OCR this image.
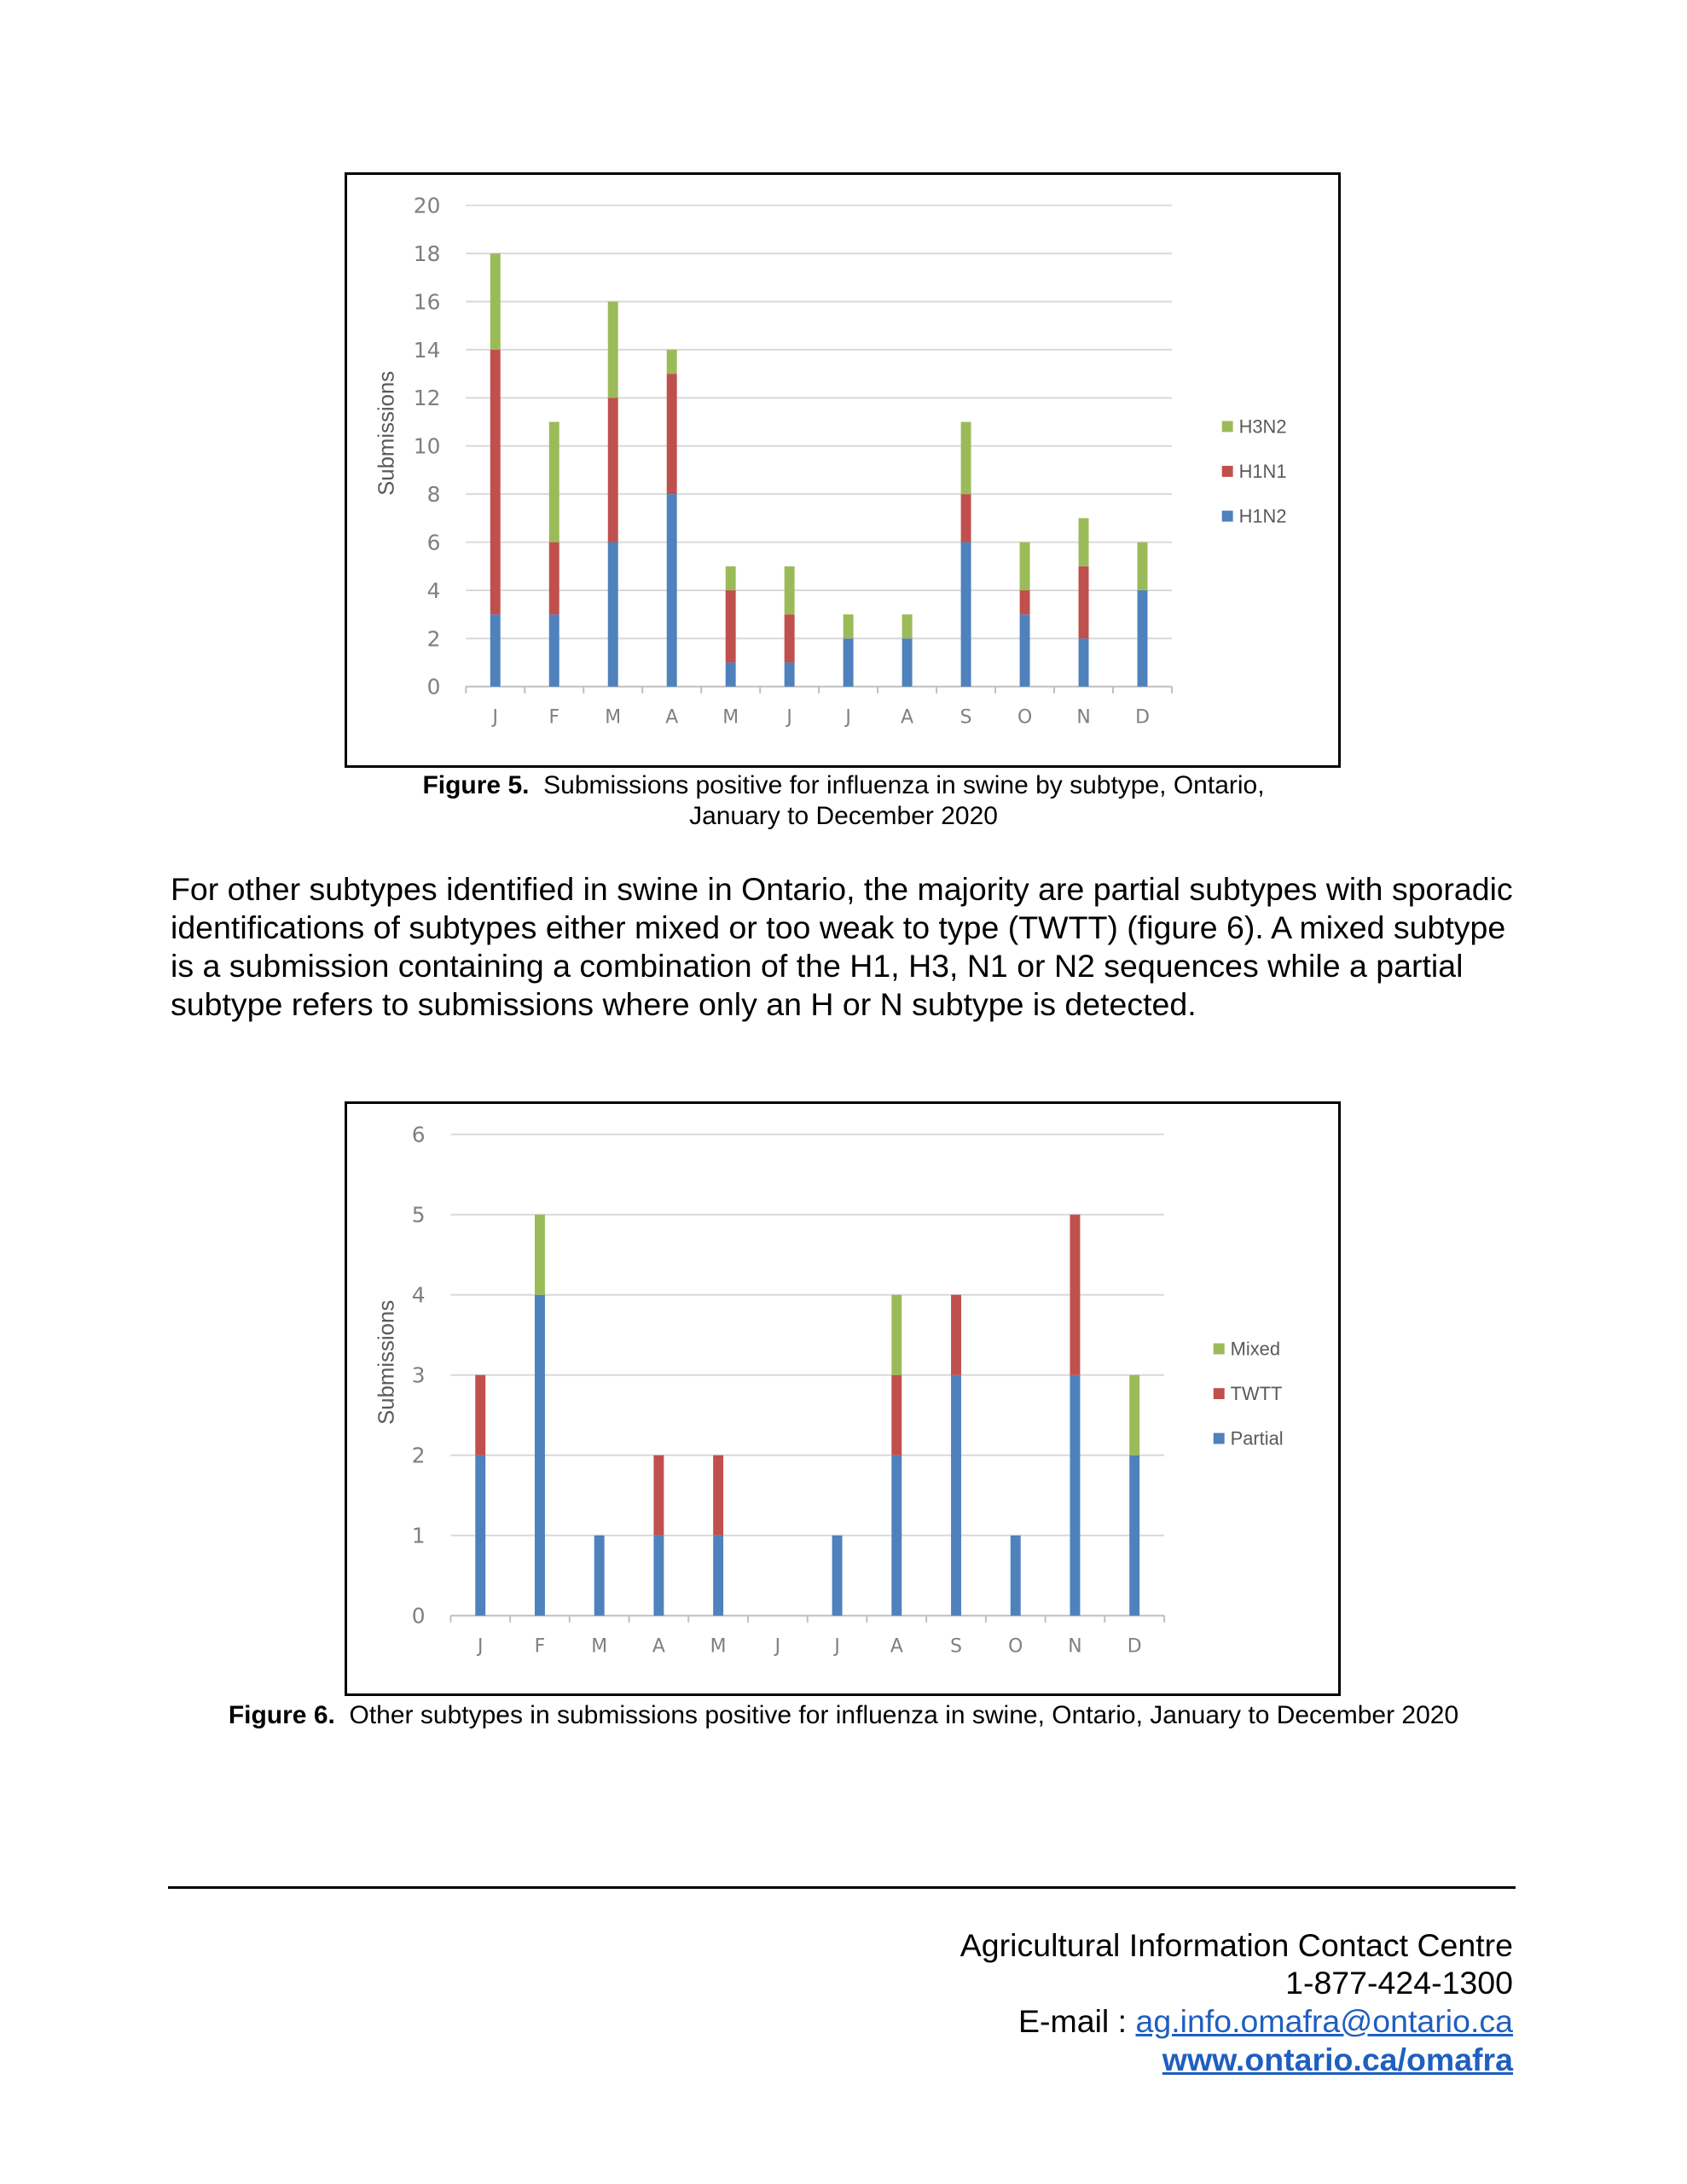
0
2
4
6
8
10
12
14
16
18
20
J	F M A M	J	J	A S O N D
Submissions	H3N2
H1N1
H1N2
Figure 5. Submissions positive for influenza in swine by subtype, Ontario,
January to December 2020
For other subtypes identified in swine in Ontario, the majority are partial subtypes with sporadic identifications of subtypes either mixed or too weak to type (TWTT) (figure 6). A mixed subtype is a submission containing a combination of the H1, H3, N1 or N2 sequences while a partial subtype refers to submissions where only an H or N subtype is detected.
0
1
2
3
4
5
6
J	F M A M	J	J	A	S O N D
Submissions	Mixed
TWTT
Partial
Figure 6. Other subtypes in submissions positive for influenza in swine, Ontario, January to December 2020
Agricultural Information Contact Centre
1-877-424-1300
E-mail : ag.info.omafra@ontario.ca
www.ontario.ca/omafra
